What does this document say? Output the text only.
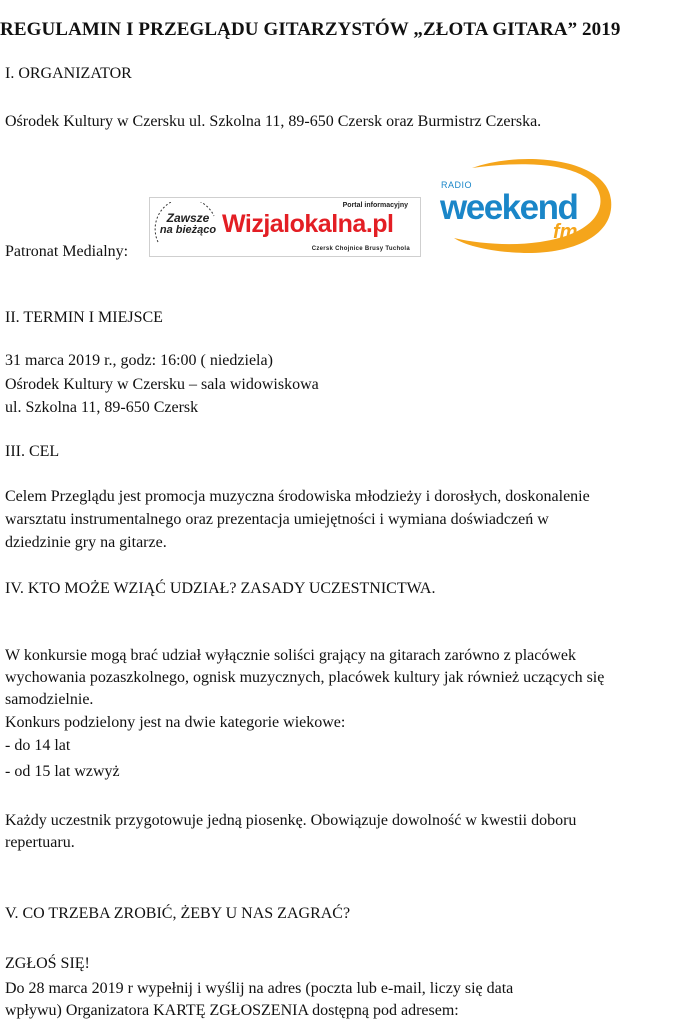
REGULAMIN I PRZEGLĄDU GITARZYSTÓW „ZŁOTA GITARA” 2019
I. ORGANIZATOR
Ośrodek Kultury w Czersku ul. Szkolna 11, 89-650 Czersk oraz Burmistrz Czerska.
Patronat Medialny:
Zawsze
na bieżąco
Portal informacyjny
Wizjalokalna.pl
Czersk Chojnice Brusy Tuchola
RADIO
weekend
fm
II. TERMIN I MIEJSCE
31 marca 2019 r., godz: 16:00 ( niedziela)
Ośrodek Kultury w Czersku – sala widowiskowa
ul. Szkolna 11, 89-650 Czersk
III. CEL
Celem Przeglądu jest promocja muzyczna środowiska młodzieży i dorosłych, doskonalenie
warsztatu instrumentalnego oraz prezentacja umiejętności i wymiana doświadczeń w
dziedzinie gry na gitarze.
IV. KTO MOŻE WZIĄĆ UDZIAŁ? ZASADY UCZESTNICTWA.
W konkursie mogą brać udział wyłącznie soliści grający na gitarach zarówno z placówek
wychowania pozaszkolnego, ognisk muzycznych, placówek kultury jak również uczących się
samodzielnie.
Konkurs podzielony jest na dwie kategorie wiekowe:
- do 14 lat
- od 15 lat wzwyż
Każdy uczestnik przygotowuje jedną piosenkę. Obowiązuje dowolność w kwestii doboru
repertuaru.
V. CO TRZEBA ZROBIĆ, ŻEBY U NAS ZAGRAĆ?
ZGŁOŚ SIĘ!
Do 28 marca 2019 r wypełnij i wyślij na adres (poczta lub e-mail, liczy się data
wpływu) Organizatora KARTĘ ZGŁOSZENIA dostępną pod adresem:
